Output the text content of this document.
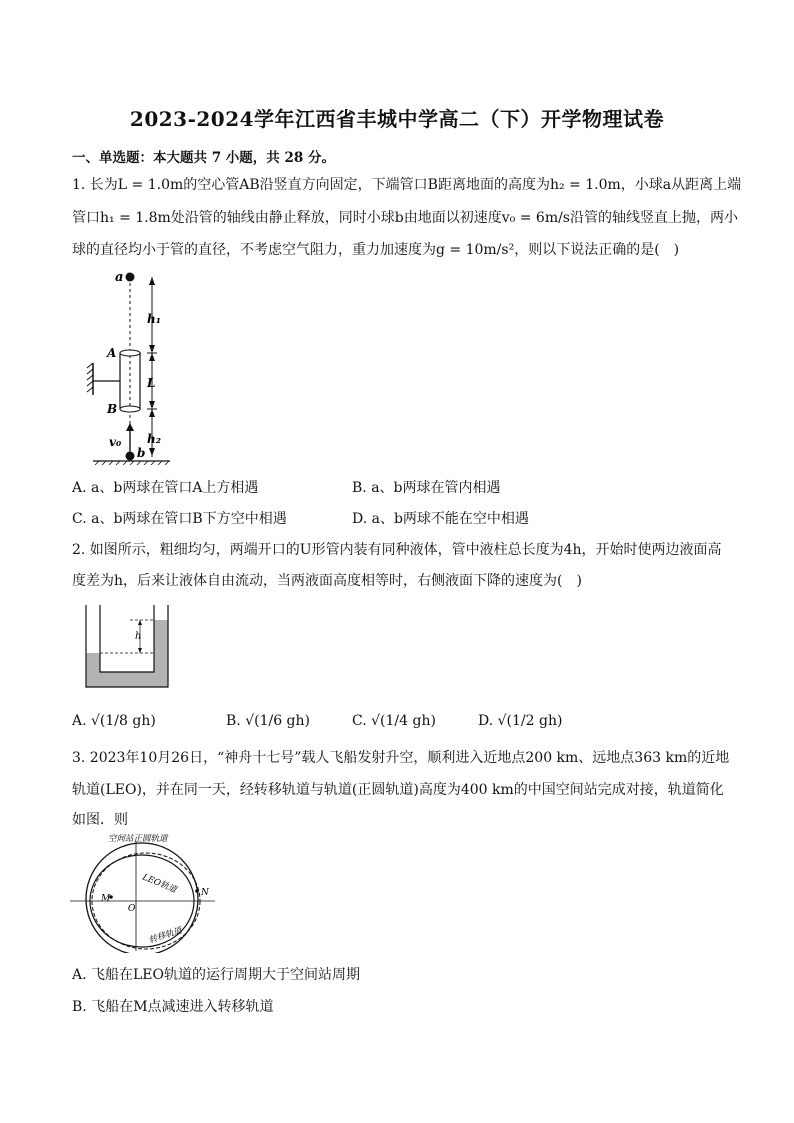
2023-2024学年江西省丰城中学高二（下）开学物理试卷
一、单选题：本大题共 7 小题，共 28 分。
1. 长为L = 1.0m的空心管AB沿竖直方向固定，下端管口B距离地面的高度为h₂ = 1.0m，小球a从距离上端
管口h₁ = 1.8m处沿管的轴线由静止释放，同时小球b由地面以初速度v₀ = 6m/s沿管的轴线竖直上抛，两小
球的直径均小于管的直径，不考虑空气阻力，重力加速度为g = 10m/s²，则以下说法正确的是(　)
a
h₁
L
h₂
A
B
v₀
b
A. a、b两球在管口A上方相遇	B. a、b两球在管内相遇
C. a、b两球在管口B下方空中相遇	D. a、b两球不能在空中相遇
2. 如图所示，粗细均匀，两端开口的U形管内装有同种液体，管中液柱总长度为4h，开始时使两边液面高
度差为h，后来让液体自由流动，当两液面高度相等时，右侧液面下降的速度为(　)
h
A. √(1/8 gh)	B. √(1/6 gh)	C. √(1/4 gh)	D. √(1/2 gh)
3. 2023年10月26日，“神舟十七号”载人飞船发射升空，顺利进入近地点200 km、远地点363 km的近地
轨道(LEO)，并在同一天，经转移轨道与轨道(正圆轨道)高度为400 km的中国空间站完成对接，轨道简化
如图．则
空间站正圆轨道
LEO轨道
M
O
N
转移轨道
A. 飞船在LEO轨道的运行周期大于空间站周期
B. 飞船在M点减速进入转移轨道
